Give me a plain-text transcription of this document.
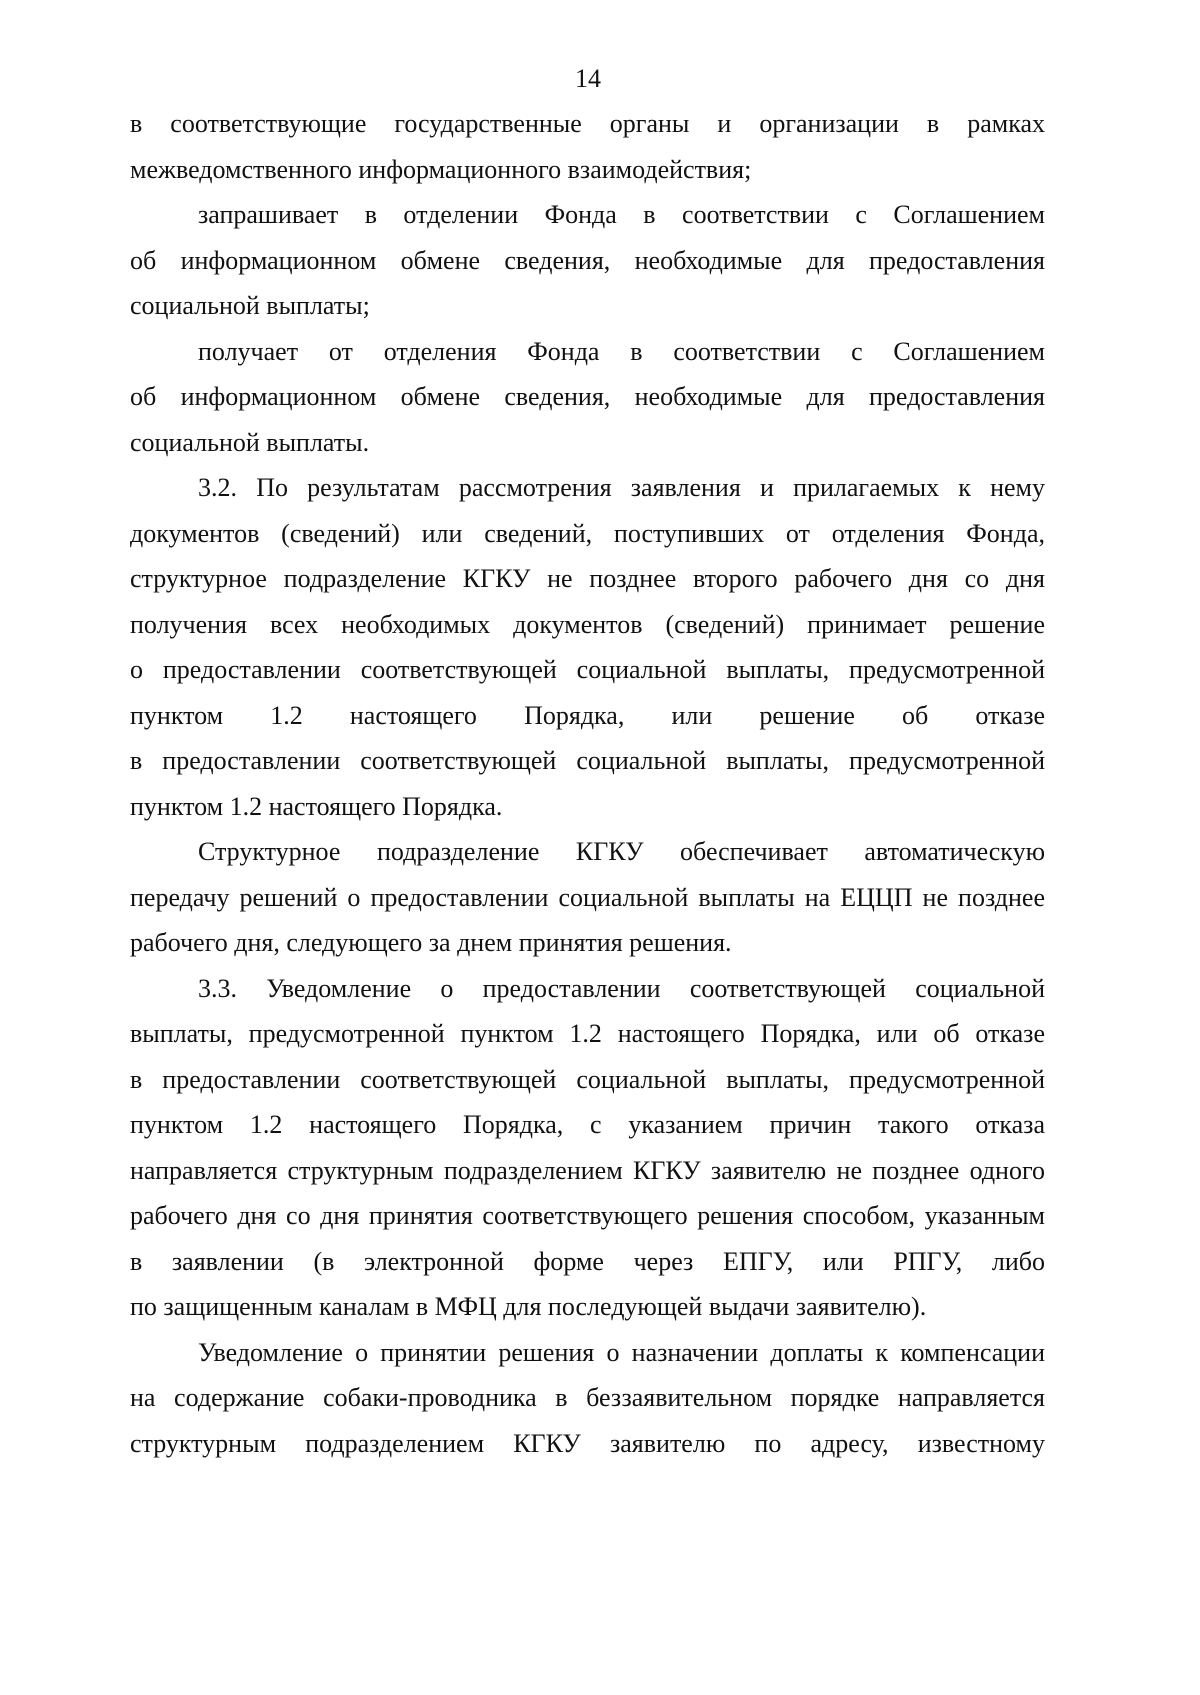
14
в соответствующие государственные органы и организации в рамках
межведомственного информационного взаимодействия;
запрашивает в отделении Фонда в соответствии с Соглашением
об информационном обмене сведения, необходимые для предоставления
социальной выплаты;
получает от отделения Фонда в соответствии с Соглашением
об информационном обмене сведения, необходимые для предоставления
социальной выплаты.
3.2. По результатам рассмотрения заявления и прилагаемых к нему
документов (сведений) или сведений, поступивших от отделения Фонда,
структурное подразделение КГКУ не позднее второго рабочего дня со дня
получения всех необходимых документов (сведений) принимает решение
о предоставлении соответствующей социальной выплаты, предусмотренной
пунктом 1.2 настоящего Порядка, или решение об отказе
в предоставлении соответствующей социальной выплаты, предусмотренной
пунктом 1.2 настоящего Порядка.
Структурное подразделение КГКУ обеспечивает автоматическую
передачу решений о предоставлении социальной выплаты на ЕЦЦП не позднее
рабочего дня, следующего за днем принятия решения.
3.3. Уведомление о предоставлении соответствующей социальной
выплаты, предусмотренной пунктом 1.2 настоящего Порядка, или об отказе
в предоставлении соответствующей социальной выплаты, предусмотренной
пунктом 1.2 настоящего Порядка, с указанием причин такого отказа
направляется структурным подразделением КГКУ заявителю не позднее одного
рабочего дня со дня принятия соответствующего решения способом, указанным
в заявлении (в электронной форме через ЕПГУ, или РПГУ, либо
по защищенным каналам в МФЦ для последующей выдачи заявителю).
Уведомление о принятии решения о назначении доплаты к компенсации
на содержание собаки-проводника в беззаявительном порядке направляется
структурным подразделением КГКУ заявителю по адресу, известному
